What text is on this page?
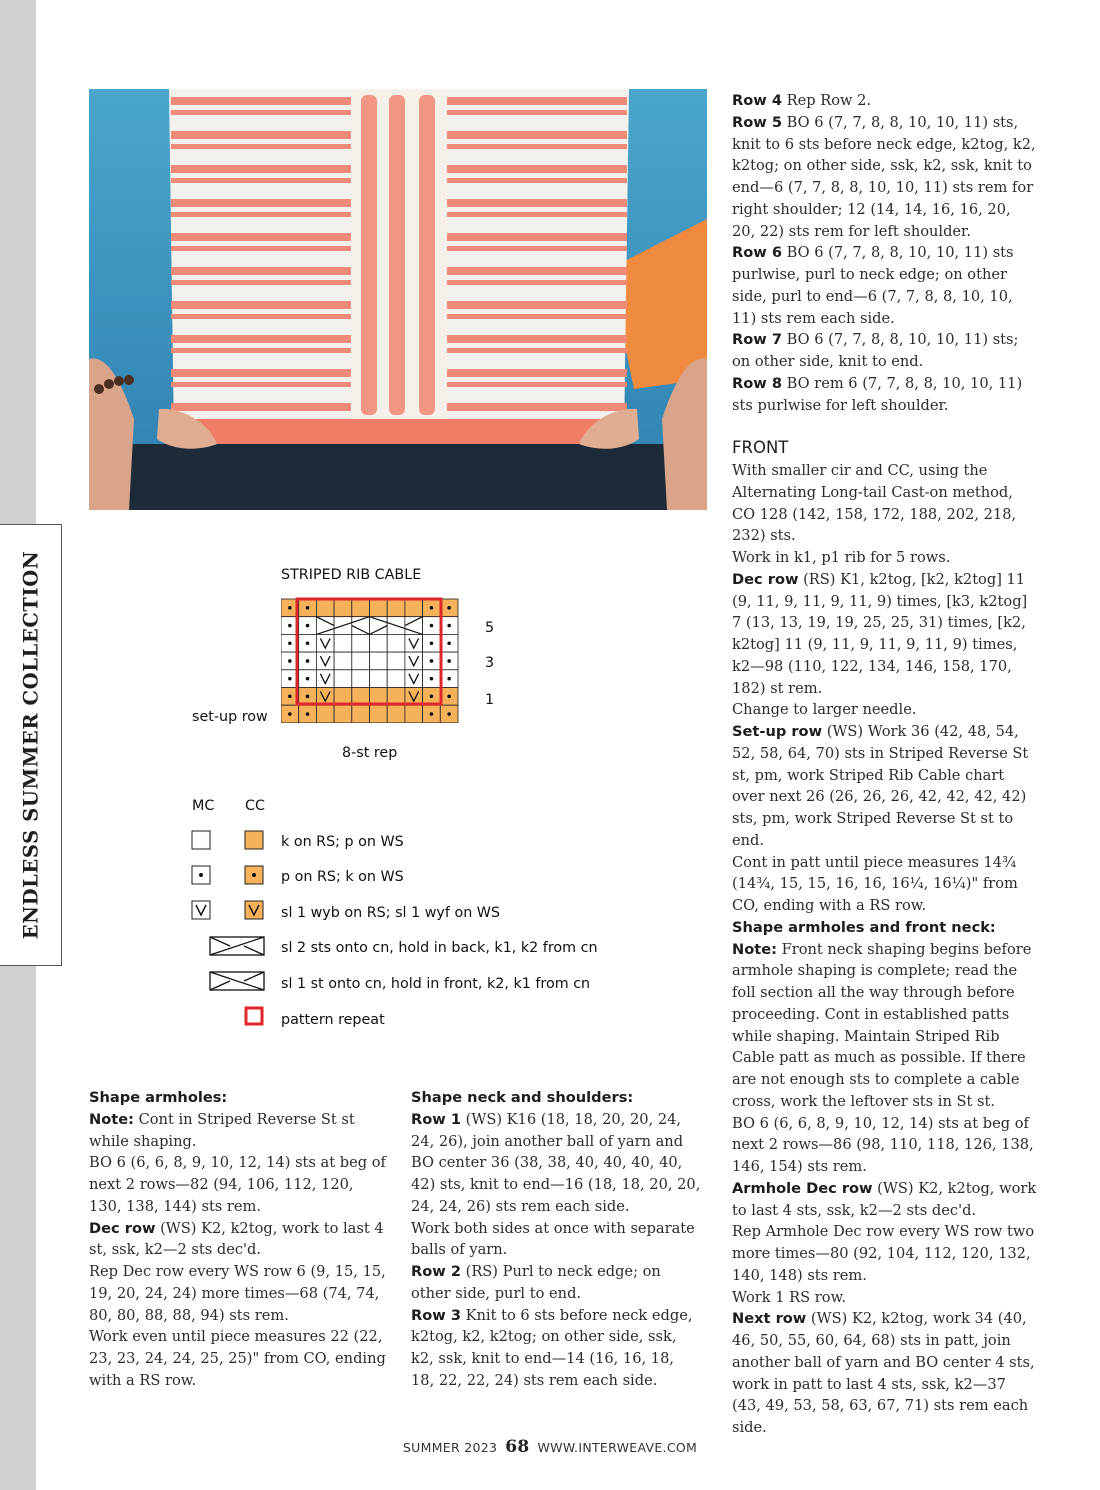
ENDLESS SUMMER COLLECTION	STRIPED RIB CABLE
5
3
1
set-up row
8-st rep
MC CC
k on RS; p on WS
p on RS; k on WS
sl 1 wyb on RS; sl 1 wyf on WS
sl 2 sts onto cn, hold in back, k1, k2 from cn
sl 1 st onto cn, hold in front, k2, k1 from cn
pattern repeat

Shape armholes:

Note: Cont in Striped Reverse St st while shaping.

BO 6 (6, 6, 8, 9, 10, 12, 14) sts at beg of next 2 rows—82 (94, 106, 112, 120, 130, 138, 144) sts rem.

Dec row (WS) K2, k2tog, work to last 4 st, ssk, k2—2 sts dec'd.

Rep Dec row every WS row 6 (9, 15, 15, 19, 20, 24, 24) more times—68 (74, 74, 80, 80, 88, 88, 94) sts rem.

Work even until piece measures 22 (22, 23, 23, 24, 24, 25, 25)" from CO, ending with a RS row.

Shape neck and shoulders:

Row 1 (WS) K16 (18, 18, 20, 20, 24, 24, 26), join another ball of yarn and BO center 36 (38, 38, 40, 40, 40, 40, 42) sts, knit to end—16 (18, 18, 20, 20, 24, 24, 26) sts rem each side.

Work both sides at once with separate balls of yarn.

Row 2 (RS) Purl to neck edge; on other side, purl to end.

Row 3 Knit to 6 sts before neck edge, k2tog, k2, k2tog; on other side, ssk, k2, ssk, knit to end—14 (16, 16, 18, 18, 22, 22, 24) sts rem each side.

Row 4 Rep Row 2.

Row 5 BO 6 (7, 7, 8, 8, 10, 10, 11) sts, knit to 6 sts before neck edge, k2tog, k2, k2tog; on other side, ssk, k2, ssk, knit to end—6 (7, 7, 8, 8, 10, 10, 11) sts rem for right shoulder; 12 (14, 14, 16, 16, 20, 20, 22) sts rem for left shoulder.

Row 6 BO 6 (7, 7, 8, 8, 10, 10, 11) sts purlwise, purl to neck edge; on other side, purl to end—6 (7, 7, 8, 8, 10, 10, 11) sts rem each side.

Row 7 BO 6 (7, 7, 8, 8, 10, 10, 11) sts; on other side, knit to end.

Row 8 BO rem 6 (7, 7, 8, 8, 10, 10, 11) sts purlwise for left shoulder.

FRONT

With smaller cir and CC, using the Alternating Long-tail Cast-on method, CO 128 (142, 158, 172, 188, 202, 218, 232) sts.

Work in k1, p1 rib for 5 rows.

Dec row (RS) K1, k2tog, [k2, k2tog] 11 (9, 11, 9, 11, 9, 11, 9) times, [k3, k2tog] 7 (13, 13, 19, 19, 25, 25, 31) times, [k2, k2tog] 11 (9, 11, 9, 11, 9, 11, 9) times, k2—98 (110, 122, 134, 146, 158, 170, 182) st rem.

Change to larger needle.

Set-up row (WS) Work 36 (42, 48, 54, 52, 58, 64, 70) sts in Striped Reverse St st, pm, work Striped Rib Cable chart over next 26 (26, 26, 26, 42, 42, 42, 42) sts, pm, work Striped Reverse St st to end.

Cont in patt until piece measures 14¾ (14¾, 15, 15, 16, 16, 16¼, 16¼)" from CO, ending with a RS row.

Shape armholes and front neck:

Note: Front neck shaping begins before armhole shaping is complete; read the foll section all the way through before proceeding. Cont in established patts while shaping. Maintain Striped Rib Cable patt as much as possible. If there are not enough sts to complete a cable cross, work the leftover sts in St st.

BO 6 (6, 6, 8, 9, 10, 12, 14) sts at beg of next 2 rows—86 (98, 110, 118, 126, 138, 146, 154) sts rem.

Armhole Dec row (WS) K2, k2tog, work to last 4 sts, ssk, k2—2 sts dec'd.

Rep Armhole Dec row every WS row two more times—80 (92, 104, 112, 120, 132, 140, 148) sts rem.

Work 1 RS row.

Next row (WS) K2, k2tog, work 34 (40, 46, 50, 55, 60, 64, 68) sts in patt, join another ball of yarn and BO center 4 sts, work in patt to last 4 sts, ssk, k2—37 (43, 49, 53, 58, 63, 67, 71) sts rem each side.

SUMMER 2023 68 WWW.INTERWEAVE.COM
